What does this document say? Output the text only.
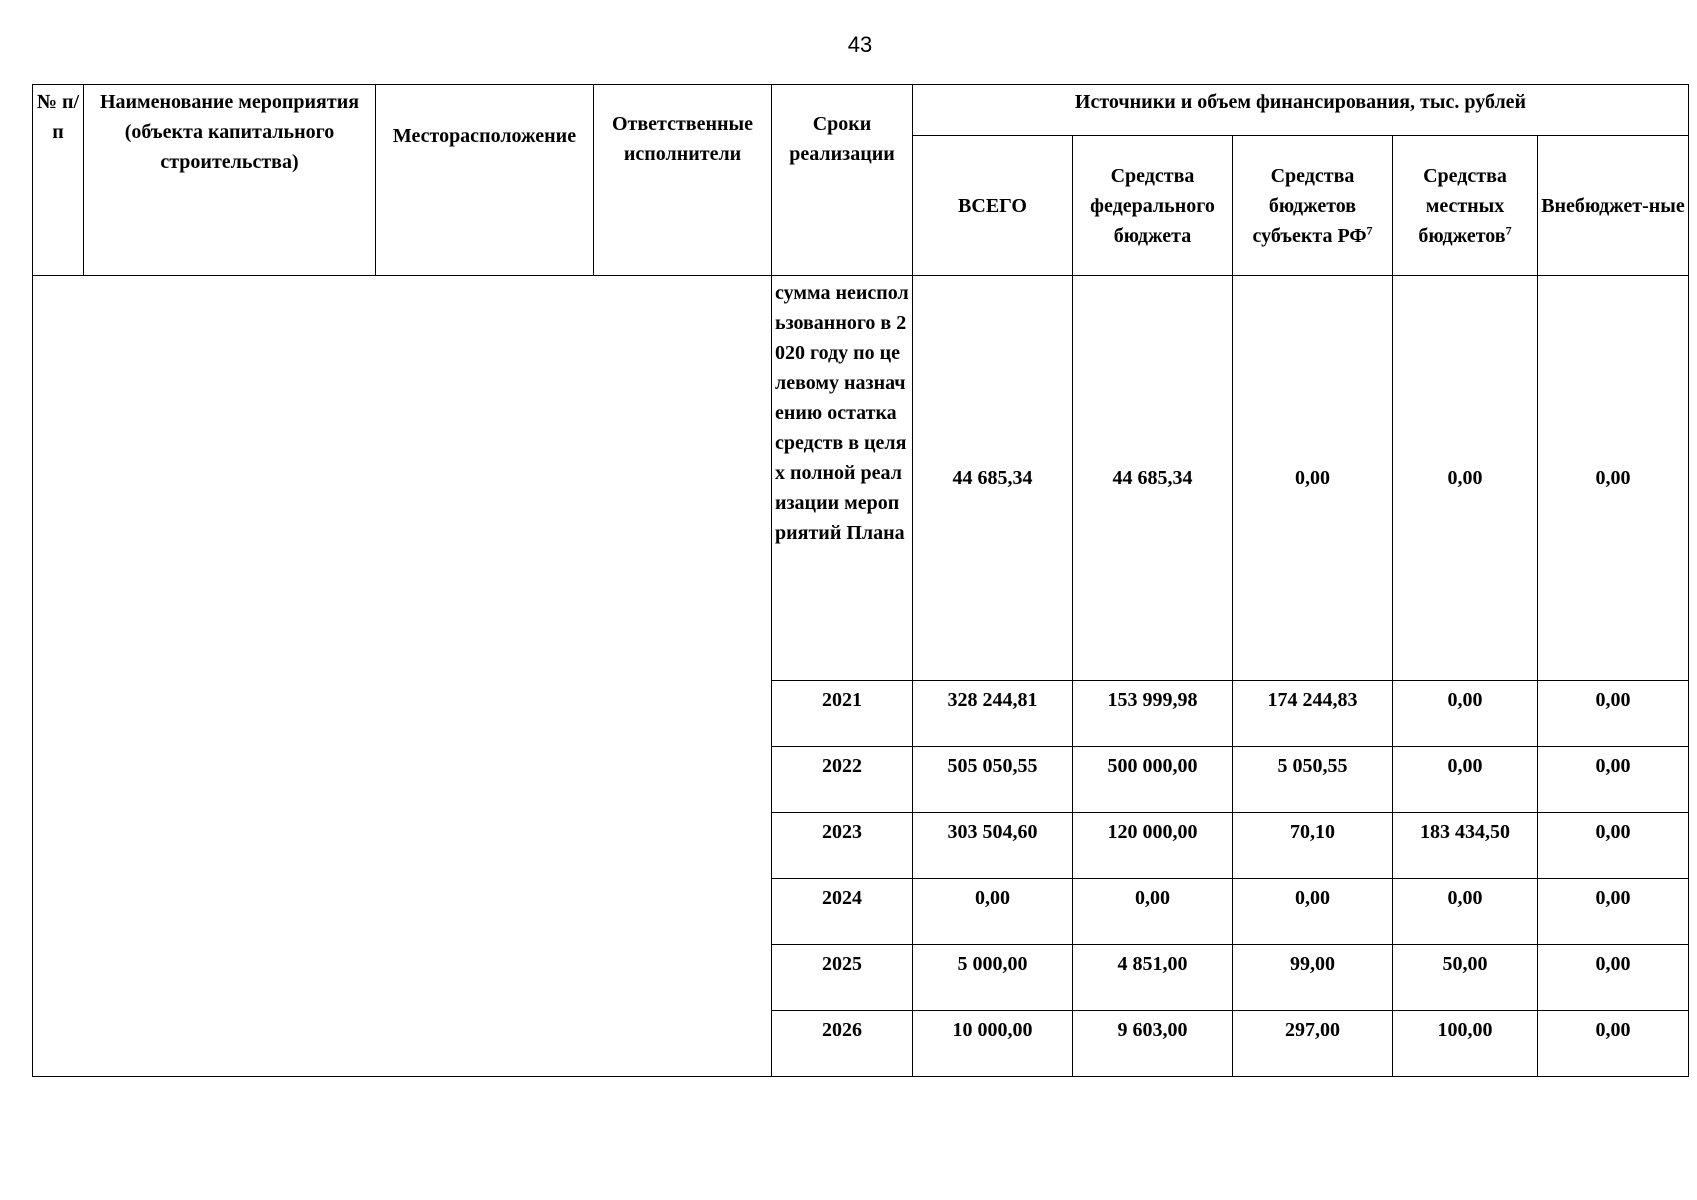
43
№ п/п	Наименование мероприятия (объекта капитального строительства)	Месторасположение	Ответственные исполнители	Сроки реализации	Источники и объем финансирования, тыс. рублей				
					ВСЕГО	Средства федерального бюджета	Средства бюджетов субъекта $РФ^7$	Средства местных бюджетов$^7$	Внебюджет-ные
				сумма неиспользованного в 2020 году по целевому назначению остатка средств в целях полной реализации мероприятий Плана	44 685,34	44 685,34	0,00	0,00	0,00
				2021	328 244,81	153 999,98	174 244,83	0,00	0,00
				2022	505 050,55	500 000,00	5 050,55	0,00	0,00
				2023	303 504,60	120 000,00	70,10	183 434,50	0,00
				2024	0,00	0,00	0,00	0,00	0,00
				2025	5 000,00	4 851,00	99,00	50,00	0,00
				2026	10 000,00	9 603,00	297,00	100,00	0,00
